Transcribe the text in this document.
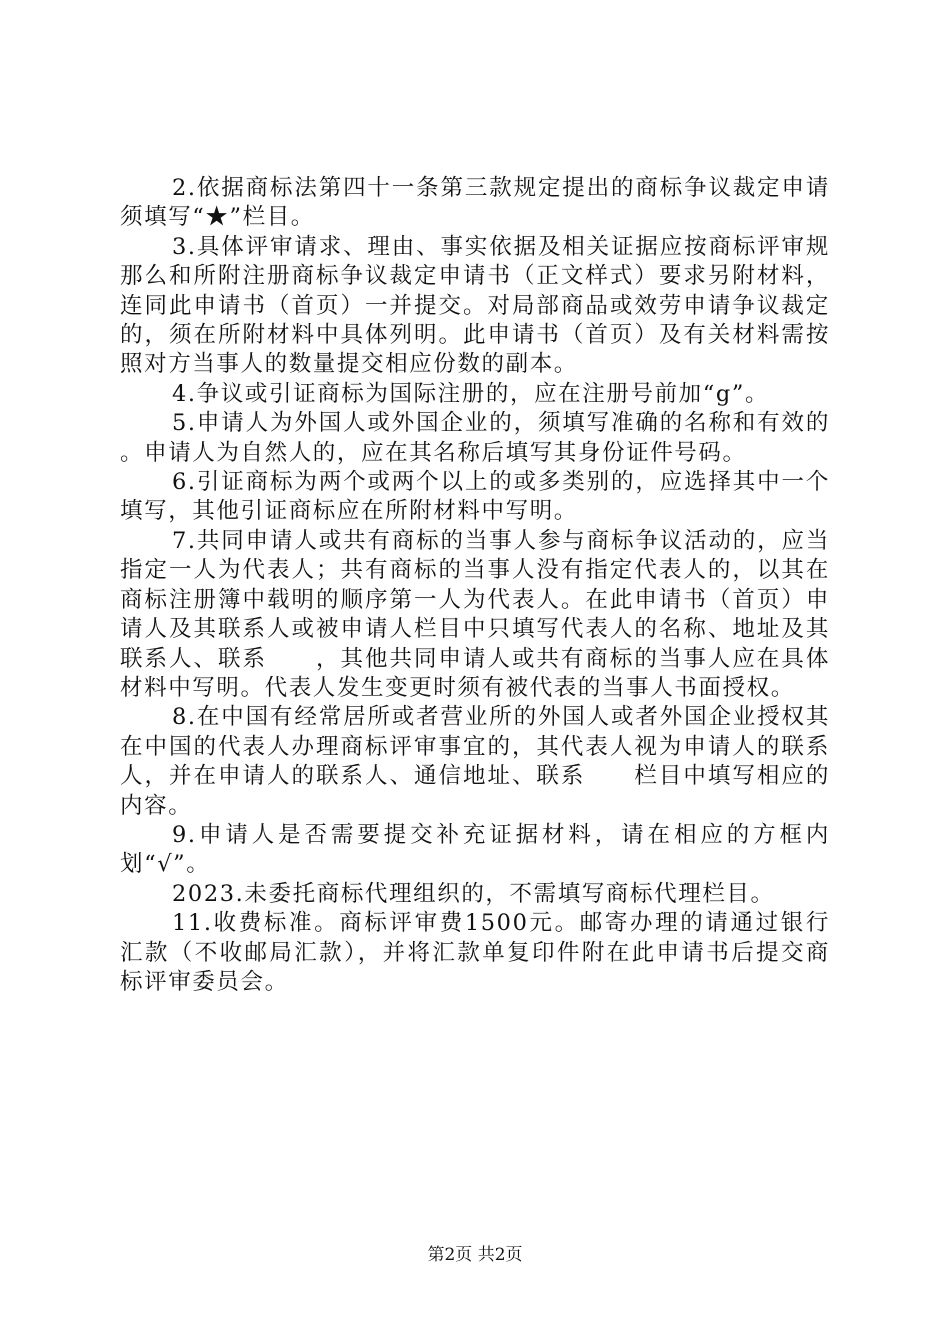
2.依据商标法第四十一条第三款规定提出的商标争议裁定申请须填写“★”栏目。

3.具体评审请求、理由、事实依据及相关证据应按商标评审规那么和所附注册商标争议裁定申请书（正文样式）要求另附材料，连同此申请书（首页）一并提交。对局部商品或效劳申请争议裁定的，须在所附材料中具体列明。此申请书（首页）及有关材料需按照对方当事人的数量提交相应份数的副本。

4.争议或引证商标为国际注册的，应在注册号前加“g”。

5.申请人为外国人或外国企业的，须填写准确的名称和有效的　　。申请人为自然人的，应在其名称后填写其身份证件号码。

6.引证商标为两个或两个以上的或多类别的，应选择其中一个填写，其他引证商标应在所附材料中写明。

7.共同申请人或共有商标的当事人参与商标争议活动的，应当指定一人为代表人；共有商标的当事人没有指定代表人的，以其在商标注册簿中载明的顺序第一人为代表人。在此申请书（首页）申请人及其联系人或被申请人栏目中只填写代表人的名称、地址及其联系人、联系　　，其他共同申请人或共有商标的当事人应在具体材料中写明。代表人发生变更时须有被代表的当事人书面授权。

8.在中国有经常居所或者营业所的外国人或者外国企业授权其在中国的代表人办理商标评审事宜的，其代表人视为申请人的联系人，并在申请人的联系人、通信地址、联系　　栏目中填写相应的内容。

9.申请人是否需要提交补充证据材料，请在相应的方框内划“√”。

2023.未委托商标代理组织的，不需填写商标代理栏目。

11.收费标准。商标评审费1500元。邮寄办理的请通过银行汇款（不收邮局汇款），并将汇款单复印件附在此申请书后提交商标评审委员会。

第2页 共2页
